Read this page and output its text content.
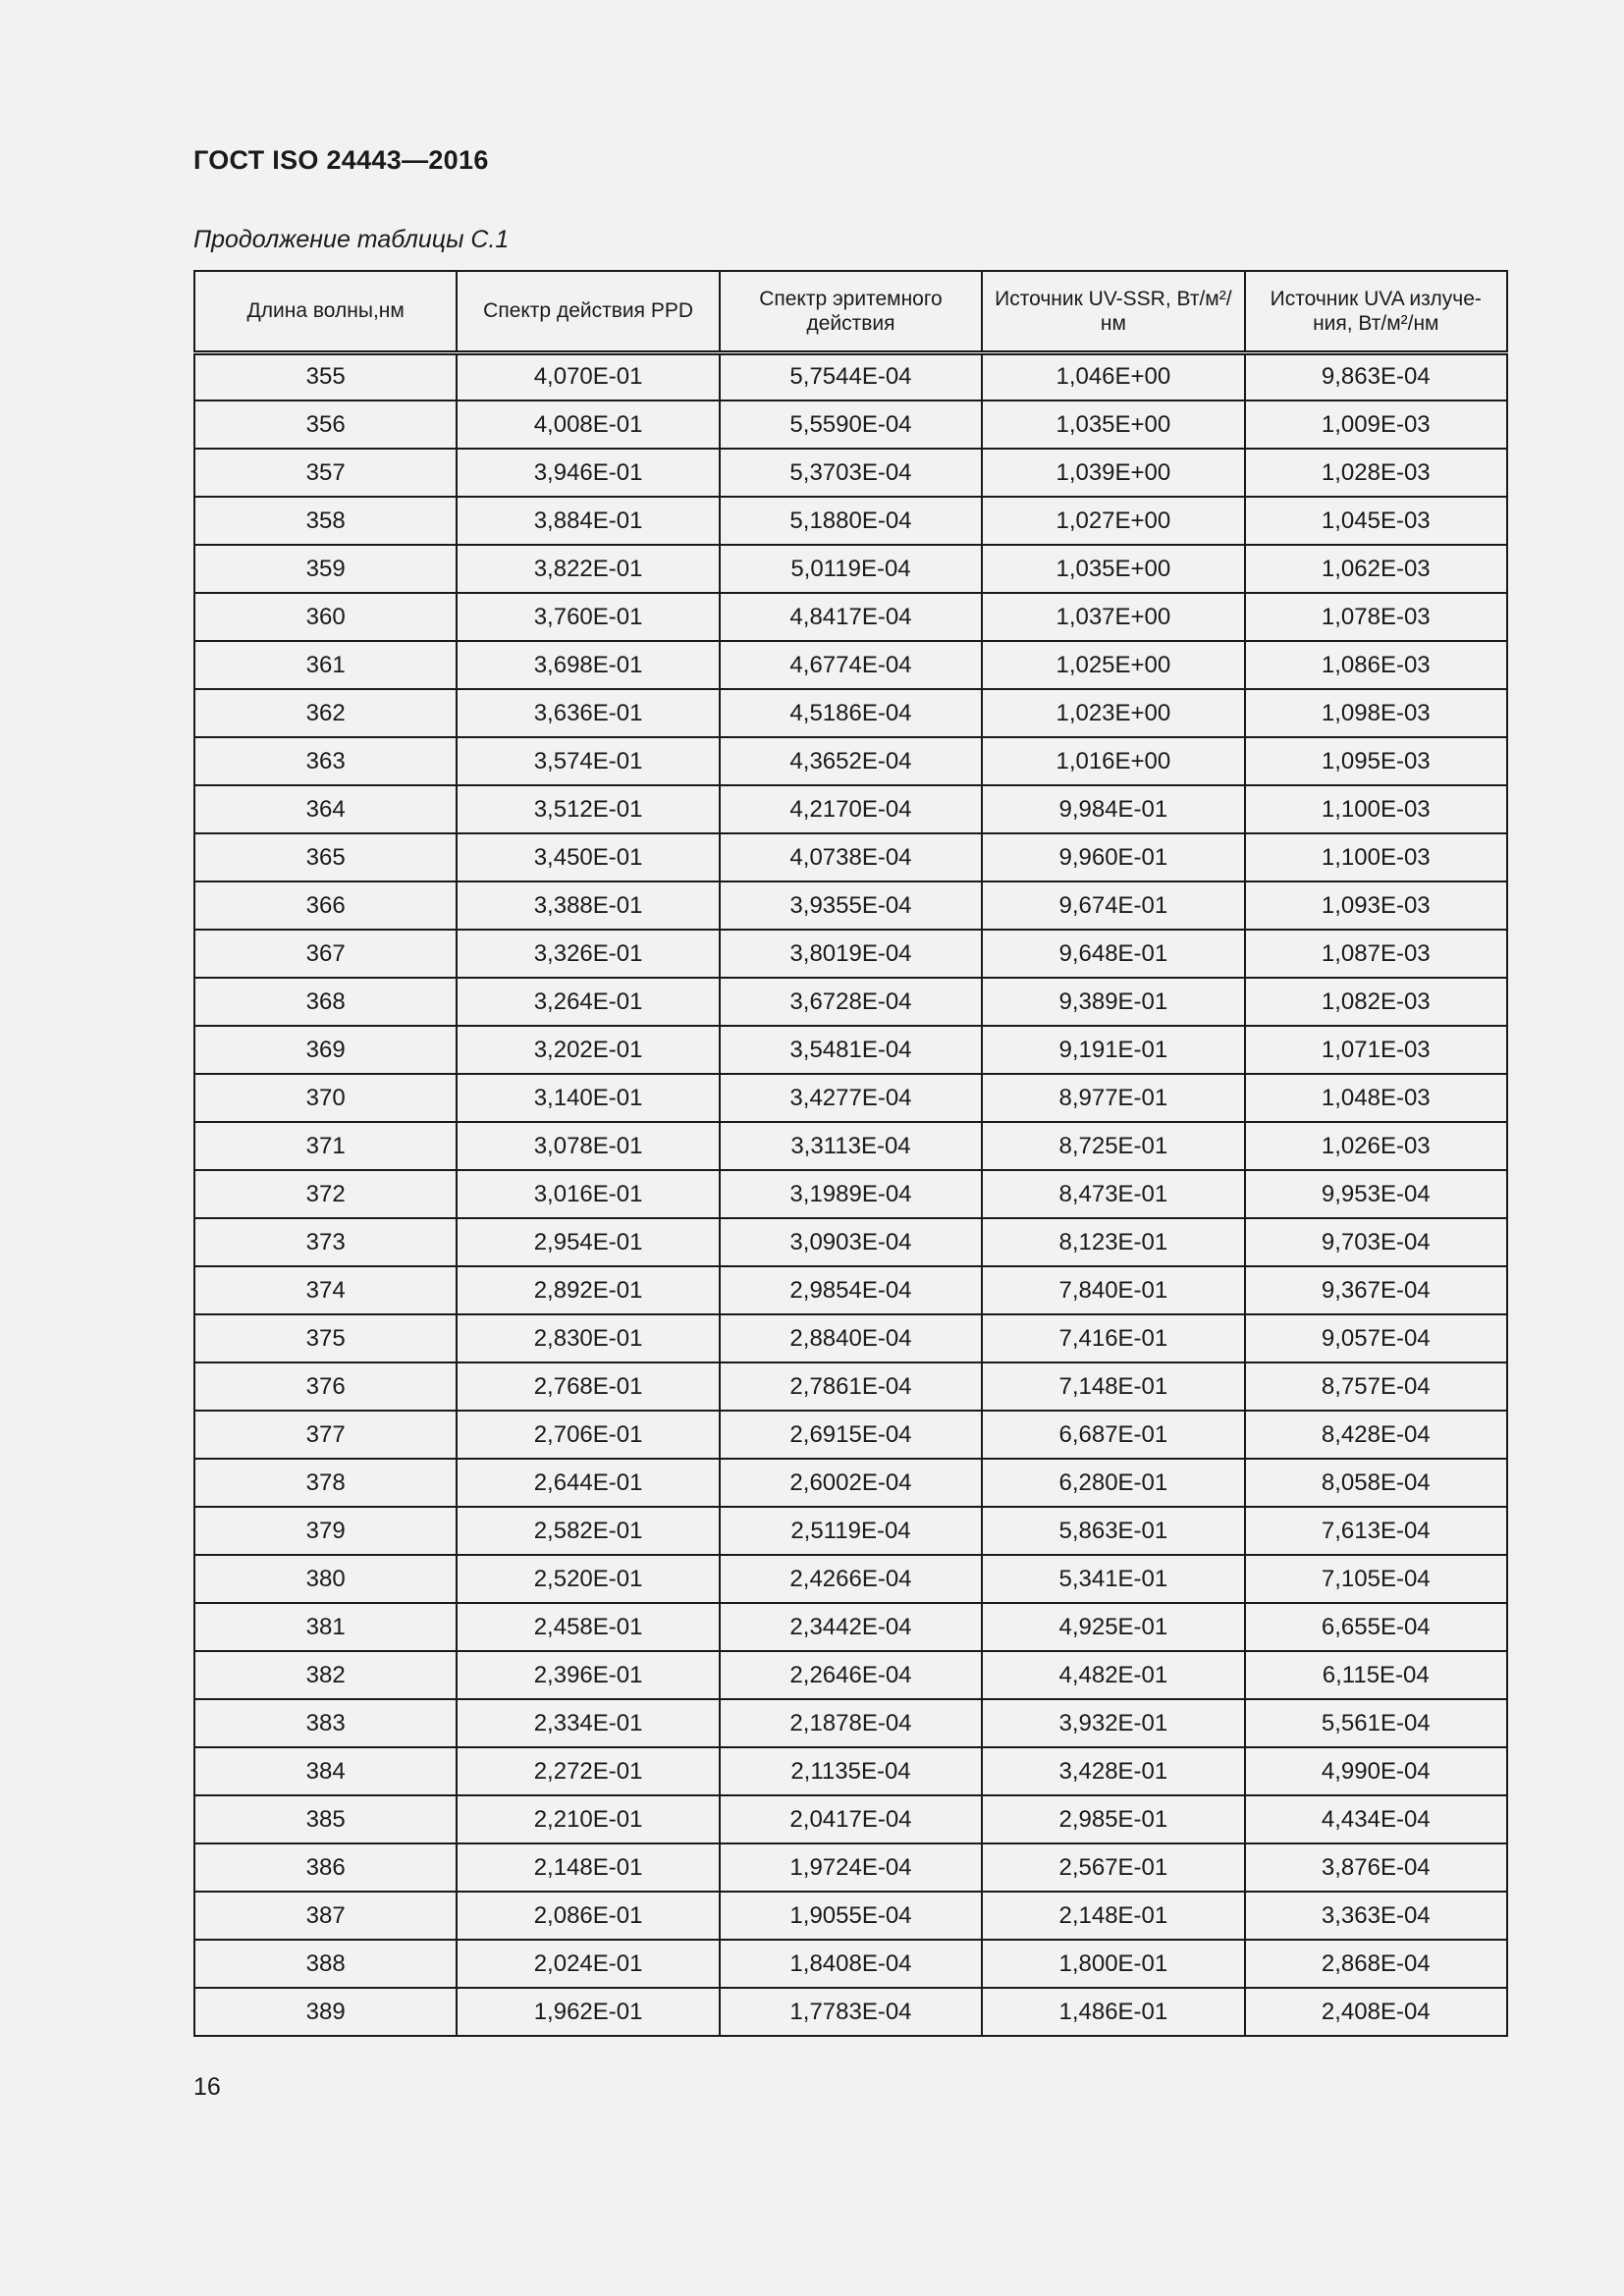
ГОСТ ISO 24443—2016

Продолжение таблицы С.1

Длина волны,нм	Спектр действия PPD	Спектр эритемного действия	Источник UV-SSR, Вт/м²/нм	Источник UVA излуче-ния, Вт/м²/нм
355	4,070E-01	5,7544E-04	1,046E+00	9,863E-04
356	4,008E-01	5,5590E-04	1,035E+00	1,009E-03
357	3,946E-01	5,3703E-04	1,039E+00	1,028E-03
358	3,884E-01	5,1880E-04	1,027E+00	1,045E-03
359	3,822E-01	5,0119E-04	1,035E+00	1,062E-03
360	3,760E-01	4,8417E-04	1,037E+00	1,078E-03
361	3,698E-01	4,6774E-04	1,025E+00	1,086E-03
362	3,636E-01	4,5186E-04	1,023E+00	1,098E-03
363	3,574E-01	4,3652E-04	1,016E+00	1,095E-03
364	3,512E-01	4,2170E-04	9,984E-01	1,100E-03
365	3,450E-01	4,0738E-04	9,960E-01	1,100E-03
366	3,388E-01	3,9355E-04	9,674E-01	1,093E-03
367	3,326E-01	3,8019E-04	9,648E-01	1,087E-03
368	3,264E-01	3,6728E-04	9,389E-01	1,082E-03
369	3,202E-01	3,5481E-04	9,191E-01	1,071E-03
370	3,140E-01	3,4277E-04	8,977E-01	1,048E-03
371	3,078E-01	3,3113E-04	8,725E-01	1,026E-03
372	3,016E-01	3,1989E-04	8,473E-01	9,953E-04
373	2,954E-01	3,0903E-04	8,123E-01	9,703E-04
374	2,892E-01	2,9854E-04	7,840E-01	9,367E-04
375	2,830E-01	2,8840E-04	7,416E-01	9,057E-04
376	2,768E-01	2,7861E-04	7,148E-01	8,757E-04
377	2,706E-01	2,6915E-04	6,687E-01	8,428E-04
378	2,644E-01	2,6002E-04	6,280E-01	8,058E-04
379	2,582E-01	2,5119E-04	5,863E-01	7,613E-04
380	2,520E-01	2,4266E-04	5,341E-01	7,105E-04
381	2,458E-01	2,3442E-04	4,925E-01	6,655E-04
382	2,396E-01	2,2646E-04	4,482E-01	6,115E-04
383	2,334E-01	2,1878E-04	3,932E-01	5,561E-04
384	2,272E-01	2,1135E-04	3,428E-01	4,990E-04
385	2,210E-01	2,0417E-04	2,985E-01	4,434E-04
386	2,148E-01	1,9724E-04	2,567E-01	3,876E-04
387	2,086E-01	1,9055E-04	2,148E-01	3,363E-04
388	2,024E-01	1,8408E-04	1,800E-01	2,868E-04
389	1,962E-01	1,7783E-04	1,486E-01	2,408E-04

16
